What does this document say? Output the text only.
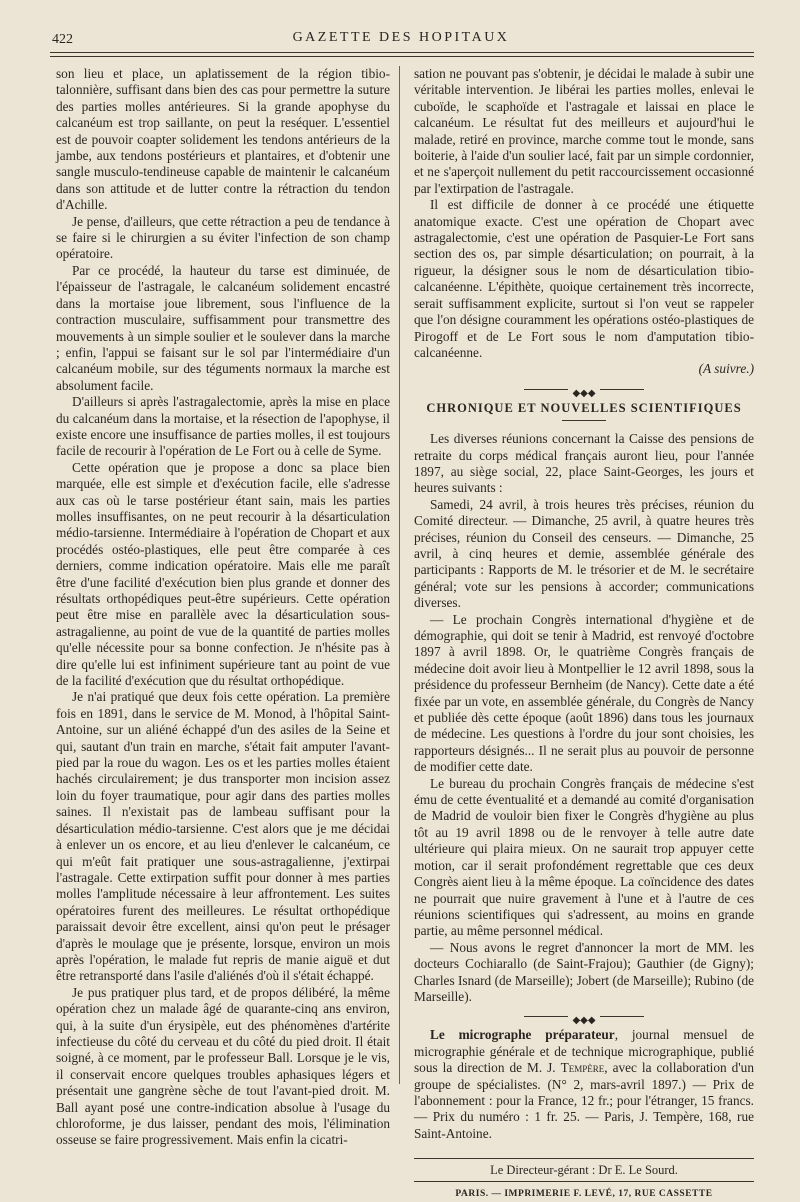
422	GAZETTE DES HOPITAUX

son lieu et place, un aplatissement de la région tibio-talonnière, suffisant dans bien des cas pour permettre la suture des parties molles antérieures. Si la grande apophyse du calcanéum est trop saillante, on peut la reséquer. L'essentiel est de pouvoir coapter solidement les tendons antérieurs de la jambe, aux tendons postérieurs et plantaires, et d'obtenir une sangle musculo-tendineuse capable de maintenir le calcanéum dans son attitude et de lutter contre la rétraction du tendon d'Achille.

Je pense, d'ailleurs, que cette rétraction a peu de tendance à se faire si le chirurgien a su éviter l'infection de son champ opératoire.

Par ce procédé, la hauteur du tarse est diminuée, de l'épaisseur de l'astragale, le calcanéum solidement encastré dans la mortaise joue librement, sous l'influence de la contraction musculaire, suffisamment pour transmettre des mouvements à un simple soulier et le soulever dans la marche ; enfin, l'appui se faisant sur le sol par l'intermédiaire d'un calcanéum mobile, sur des téguments normaux la marche est absolument facile.

D'ailleurs si après l'astragalectomie, après la mise en place du calcanéum dans la mortaise, et la résection de l'apophyse, il existe encore une insuffisance de parties molles, il est toujours facile de recourir à l'opération de Le Fort ou à celle de Syme.

Cette opération que je propose a donc sa place bien marquée, elle est simple et d'exécution facile, elle s'adresse aux cas où le tarse postérieur étant sain, mais les parties molles insuffisantes, on ne peut recourir à la désarticulation médio-tarsienne. Intermédiaire à l'opération de Chopart et aux procédés ostéo-plastiques, elle peut être comparée à ces derniers, comme indication opératoire. Mais elle me paraît être d'une facilité d'exécution bien plus grande et donner des résultats orthopédiques peut-être supérieurs. Cette opération peut être mise en parallèle avec la désarticulation sous-astragalienne, au point de vue de la quantité de parties molles qu'elle nécessite pour sa bonne confection. Je n'hésite pas à dire qu'elle lui est infiniment supérieure tant au point de vue de la facilité d'exécution que du résultat orthopédique.

Je n'ai pratiqué que deux fois cette opération. La première fois en 1891, dans le service de M. Monod, à l'hôpital Saint-Antoine, sur un aliéné échappé d'un des asiles de la Seine et qui, sautant d'un train en marche, s'était fait amputer l'avant-pied par la roue du wagon. Les os et les parties molles étaient hachés circulairement; je dus transporter mon incision assez loin du foyer traumatique, pour agir dans des parties molles saines. Il n'existait pas de lambeau suffisant pour la désarticulation médio-tarsienne. C'est alors que je me décidai à enlever un os encore, et au lieu d'enlever le calcanéum, ce qui m'eût fait pratiquer une sous-astragalienne, j'extirpai l'astragale. Cette extirpation suffit pour donner à mes parties molles l'amplitude nécessaire à leur affrontement. Les suites opératoires furent des meilleures. Le résultat orthopédique paraissait devoir être excellent, ainsi qu'on peut le présager d'après le moulage que je présente, lorsque, environ un mois après l'opération, le malade fut repris de manie aiguë et dut être retransporté dans l'asile d'aliénés d'où il s'était échappé.

Je pus pratiquer plus tard, et de propos délibéré, la même opération chez un malade âgé de quarante-cinq ans environ, qui, à la suite d'un érysipèle, eut des phénomènes d'artérite infectieuse du côté du cerveau et du côté du pied droit. Il était soigné, à ce moment, par le professeur Ball. Lorsque je le vis, il conservait encore quelques troubles aphasiques légers et présentait une gangrène sèche de tout l'avant-pied droit. M. Ball ayant posé une contre-indication absolue à l'usage du chloroforme, je dus laisser, pendant des mois, l'élimination osseuse se faire progressivement. Mais enfin la cicatri-

sation ne pouvant pas s'obtenir, je décidai le malade à subir une véritable intervention. Je libérai les parties molles, enlevai le cuboïde, le scaphoïde et l'astragale et laissai en place le calcanéum. Le résultat fut des meilleurs et aujourd'hui le malade, retiré en province, marche comme tout le monde, sans boiterie, à l'aide d'un soulier lacé, fait par un simple cordonnier, et ne s'aperçoit nullement du petit raccourcissement occasionné par l'extirpation de l'astragale.

Il est difficile de donner à ce procédé une étiquette anatomique exacte. C'est une opération de Chopart avec astragalectomie, c'est une opération de Pasquier-Le Fort sans section des os, par simple désarticulation; on pourrait, à la rigueur, la désigner sous le nom de désarticulation tibio-calcanéenne. L'épithète, quoique certainement très incorrecte, serait suffisamment explicite, surtout si l'on veut se rappeler que l'on désigne couramment les opérations ostéo-plastiques de Pirogoff et de Le Fort sous le nom d'amputation tibio-calcanéenne.

(A suivre.)
◆◆◆
CHRONIQUE ET NOUVELLES SCIENTIFIQUES

Les diverses réunions concernant la Caisse des pensions de retraite du corps médical français auront lieu, pour l'année 1897, au siège social, 22, place Saint-Georges, les jours et heures suivants :

Samedi, 24 avril, à trois heures très précises, réunion du Comité directeur. — Dimanche, 25 avril, à quatre heures très précises, réunion du Conseil des censeurs. — Dimanche, 25 avril, à cinq heures et demie, assemblée générale des participants : Rapports de M. le trésorier et de M. le secrétaire général; vote sur les pensions à accorder; communications diverses.

— Le prochain Congrès international d'hygiène et de démographie, qui doit se tenir à Madrid, est renvoyé d'octobre 1897 à avril 1898. Or, le quatrième Congrès français de médecine doit avoir lieu à Montpellier le 12 avril 1898, sous la présidence du professeur Bernheim (de Nancy). Cette date a été fixée par un vote, en assemblée générale, du Congrès de Nancy et publiée dès cette époque (août 1896) dans tous les journaux de médecine. Les questions à l'ordre du jour sont choisies, les rapporteurs désignés... Il ne serait plus au pouvoir de personne de modifier cette date.

Le bureau du prochain Congrès français de médecine s'est ému de cette éventualité et a demandé au comité d'organisation de Madrid de vouloir bien fixer le Congrès d'hygiène au plus tôt au 19 avril 1898 ou de le renvoyer à telle autre date ultérieure qui plaira mieux. On ne saurait trop appuyer cette motion, car il serait profondément regrettable que ces deux Congrès aient lieu à la même époque. La coïncidence des dates ne pourrait que nuire gravement à l'une et à l'autre de ces réunions scientifiques qui s'adressent, au moins en grande partie, au même personnel médical.

— Nous avons le regret d'annoncer la mort de MM. les docteurs Cochiarallo (de Saint-Frajou); Gauthier (de Gigny); Charles Isnard (de Marseille); Jobert (de Marseille); Rubino (de Marseille).

◆◆◆

Le micrographe préparateur, journal mensuel de micrographie générale et de technique micrographique, publié sous la direction de M. J. Tempère, avec la collaboration d'un groupe de spécialistes. (N° 2, mars-avril 1897.) — Prix de l'abonnement : pour la France, 12 fr.; pour l'étranger, 15 francs. — Prix du numéro : 1 fr. 25. — Paris, J. Tempère, 168, rue Saint-Antoine.

Le Directeur-gérant : Dr E. Le Sourd.
PARIS. — IMPRIMERIE F. LEVÉ, 17, RUE CASSETTE
